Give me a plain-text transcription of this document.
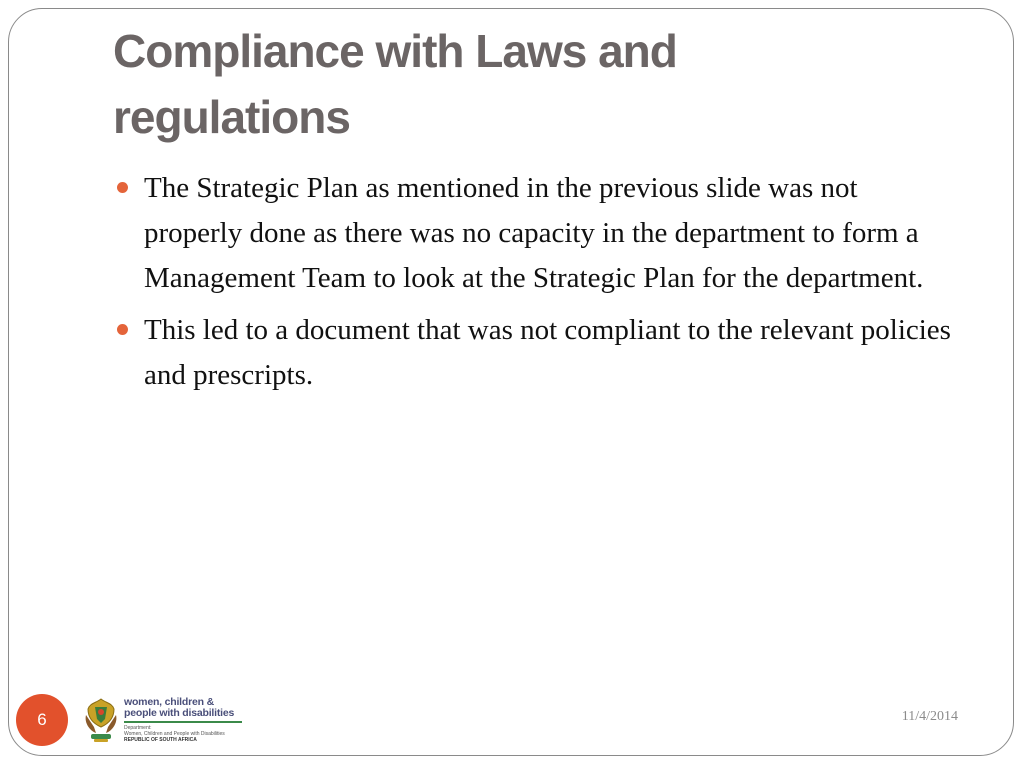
Compliance with Laws and
regulations
The Strategic Plan as mentioned in the previous slide was not properly done as there was no capacity in the department to form a Management Team to look at the Strategic Plan for the department.
This led to a document that was not compliant to the relevant policies and prescripts.
6
women, children &
people with disabilities
Department:
Women, Children and People with Disabilities
REPUBLIC OF SOUTH AFRICA
11/4/2014
